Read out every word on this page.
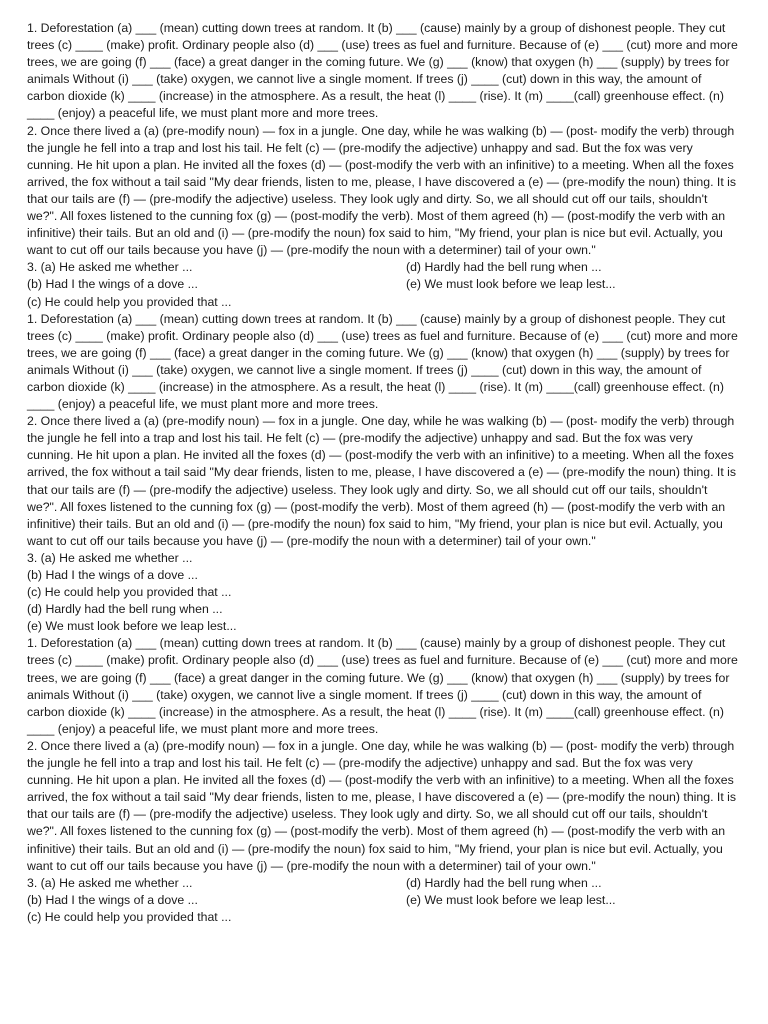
1. Deforestation (a) ___ (mean) cutting down trees at random. It (b) ___ (cause) mainly by a group of dishonest people. They cut trees (c) ____ (make) profit. Ordinary people also (d) ___ (use) trees as fuel and furniture. Because of (e) ___ (cut) more and more trees, we are going (f) ___ (face) a great danger in the coming future. We (g) ___ (know) that oxygen (h) ___ (supply) by trees for animals Without (i) ___ (take) oxygen, we cannot live a single moment. If trees (j) ____ (cut) down in this way, the amount of carbon dioxide (k) ____ (increase) in the atmosphere. As a result, the heat (l) ____ (rise). It (m) ____(call) greenhouse effect. (n) ____ (enjoy) a peaceful life, we must plant more and more trees.

2. Once there lived a (a) (pre-modify noun) — fox in a jungle. One day, while he was walking (b) — (post- modify the verb) through the jungle he fell into a trap and lost his tail. He felt (c) — (pre-modify the adjective) unhappy and sad. But the fox was very cunning. He hit upon a plan. He invited all the foxes (d) — (post-modify the verb with an infinitive) to a meeting. When all the foxes arrived, the fox without a tail said "My dear friends, listen to me, please, I have discovered a (e) — (pre-modify the noun) thing. It is that our tails are (f) — (pre-modify the adjective) useless. They look ugly and dirty. So, we all should cut off our tails, shouldn't we?". All foxes listened to the cunning fox (g) — (post-modify the verb). Most of them agreed (h) — (post-modify the verb with an infinitive) their tails. But an old and (i) — (pre-modify the noun) fox said to him, "My friend, your plan is nice but evil. Actually, you want to cut off our tails because you have (j) — (pre-modify the noun with a determiner) tail of your own."

3. (a) He asked me whether ...	(d) Hardly had the bell rung when ...

(b) Had I the wings of a dove ...	(e) We must look before we leap lest...

(c) He could help you provided that ...

1. Deforestation (a) ___ (mean) cutting down trees at random. It (b) ___ (cause) mainly by a group of dishonest people. They cut trees (c) ____ (make) profit. Ordinary people also (d) ___ (use) trees as fuel and furniture. Because of (e) ___ (cut) more and more trees, we are going (f) ___ (face) a great danger in the coming future. We (g) ___ (know) that oxygen (h) ___ (supply) by trees for animals Without (i) ___ (take) oxygen, we cannot live a single moment. If trees (j) ____ (cut) down in this way, the amount of carbon dioxide (k) ____ (increase) in the atmosphere. As a result, the heat (l) ____ (rise). It (m) ____(call) greenhouse effect. (n) ____ (enjoy) a peaceful life, we must plant more and more trees.

2. Once there lived a (a) (pre-modify noun) — fox in a jungle. One day, while he was walking (b) — (post- modify the verb) through the jungle he fell into a trap and lost his tail. He felt (c) — (pre-modify the adjective) unhappy and sad. But the fox was very cunning. He hit upon a plan. He invited all the foxes (d) — (post-modify the verb with an infinitive) to a meeting. When all the foxes arrived, the fox without a tail said "My dear friends, listen to me, please, I have discovered a (e) — (pre-modify the noun) thing. It is that our tails are (f) — (pre-modify the adjective) useless. They look ugly and dirty. So, we all should cut off our tails, shouldn't we?". All foxes listened to the cunning fox (g) — (post-modify the verb). Most of them agreed (h) — (post-modify the verb with an infinitive) their tails. But an old and (i) — (pre-modify the noun) fox said to him, "My friend, your plan is nice but evil. Actually, you want to cut off our tails because you have (j) — (pre-modify the noun with a determiner) tail of your own."

3. (a) He asked me whether ...

(b) Had I the wings of a dove ...

(c) He could help you provided that ...

(d) Hardly had the bell rung when ...

(e) We must look before we leap lest...

1. Deforestation (a) ___ (mean) cutting down trees at random. It (b) ___ (cause) mainly by a group of dishonest people. They cut trees (c) ____ (make) profit. Ordinary people also (d) ___ (use) trees as fuel and furniture. Because of (e) ___ (cut) more and more trees, we are going (f) ___ (face) a great danger in the coming future. We (g) ___ (know) that oxygen (h) ___ (supply) by trees for animals Without (i) ___ (take) oxygen, we cannot live a single moment. If trees (j) ____ (cut) down in this way, the amount of carbon dioxide (k) ____ (increase) in the atmosphere. As a result, the heat (l) ____ (rise). It (m) ____(call) greenhouse effect. (n) ____ (enjoy) a peaceful life, we must plant more and more trees.

2. Once there lived a (a) (pre-modify noun) — fox in a jungle. One day, while he was walking (b) — (post- modify the verb) through the jungle he fell into a trap and lost his tail. He felt (c) — (pre-modify the adjective) unhappy and sad. But the fox was very cunning. He hit upon a plan. He invited all the foxes (d) — (post-modify the verb with an infinitive) to a meeting. When all the foxes arrived, the fox without a tail said "My dear friends, listen to me, please, I have discovered a (e) — (pre-modify the noun) thing. It is that our tails are (f) — (pre-modify the adjective) useless. They look ugly and dirty. So, we all should cut off our tails, shouldn't we?". All foxes listened to the cunning fox (g) — (post-modify the verb). Most of them agreed (h) — (post-modify the verb with an infinitive) their tails. But an old and (i) — (pre-modify the noun) fox said to him, "My friend, your plan is nice but evil. Actually, you want to cut off our tails because you have (j) — (pre-modify the noun with a determiner) tail of your own."

3. (a) He asked me whether ...	(d) Hardly had the bell rung when ...

(b) Had I the wings of a dove ...	(e) We must look before we leap lest...

(c) He could help you provided that ...
